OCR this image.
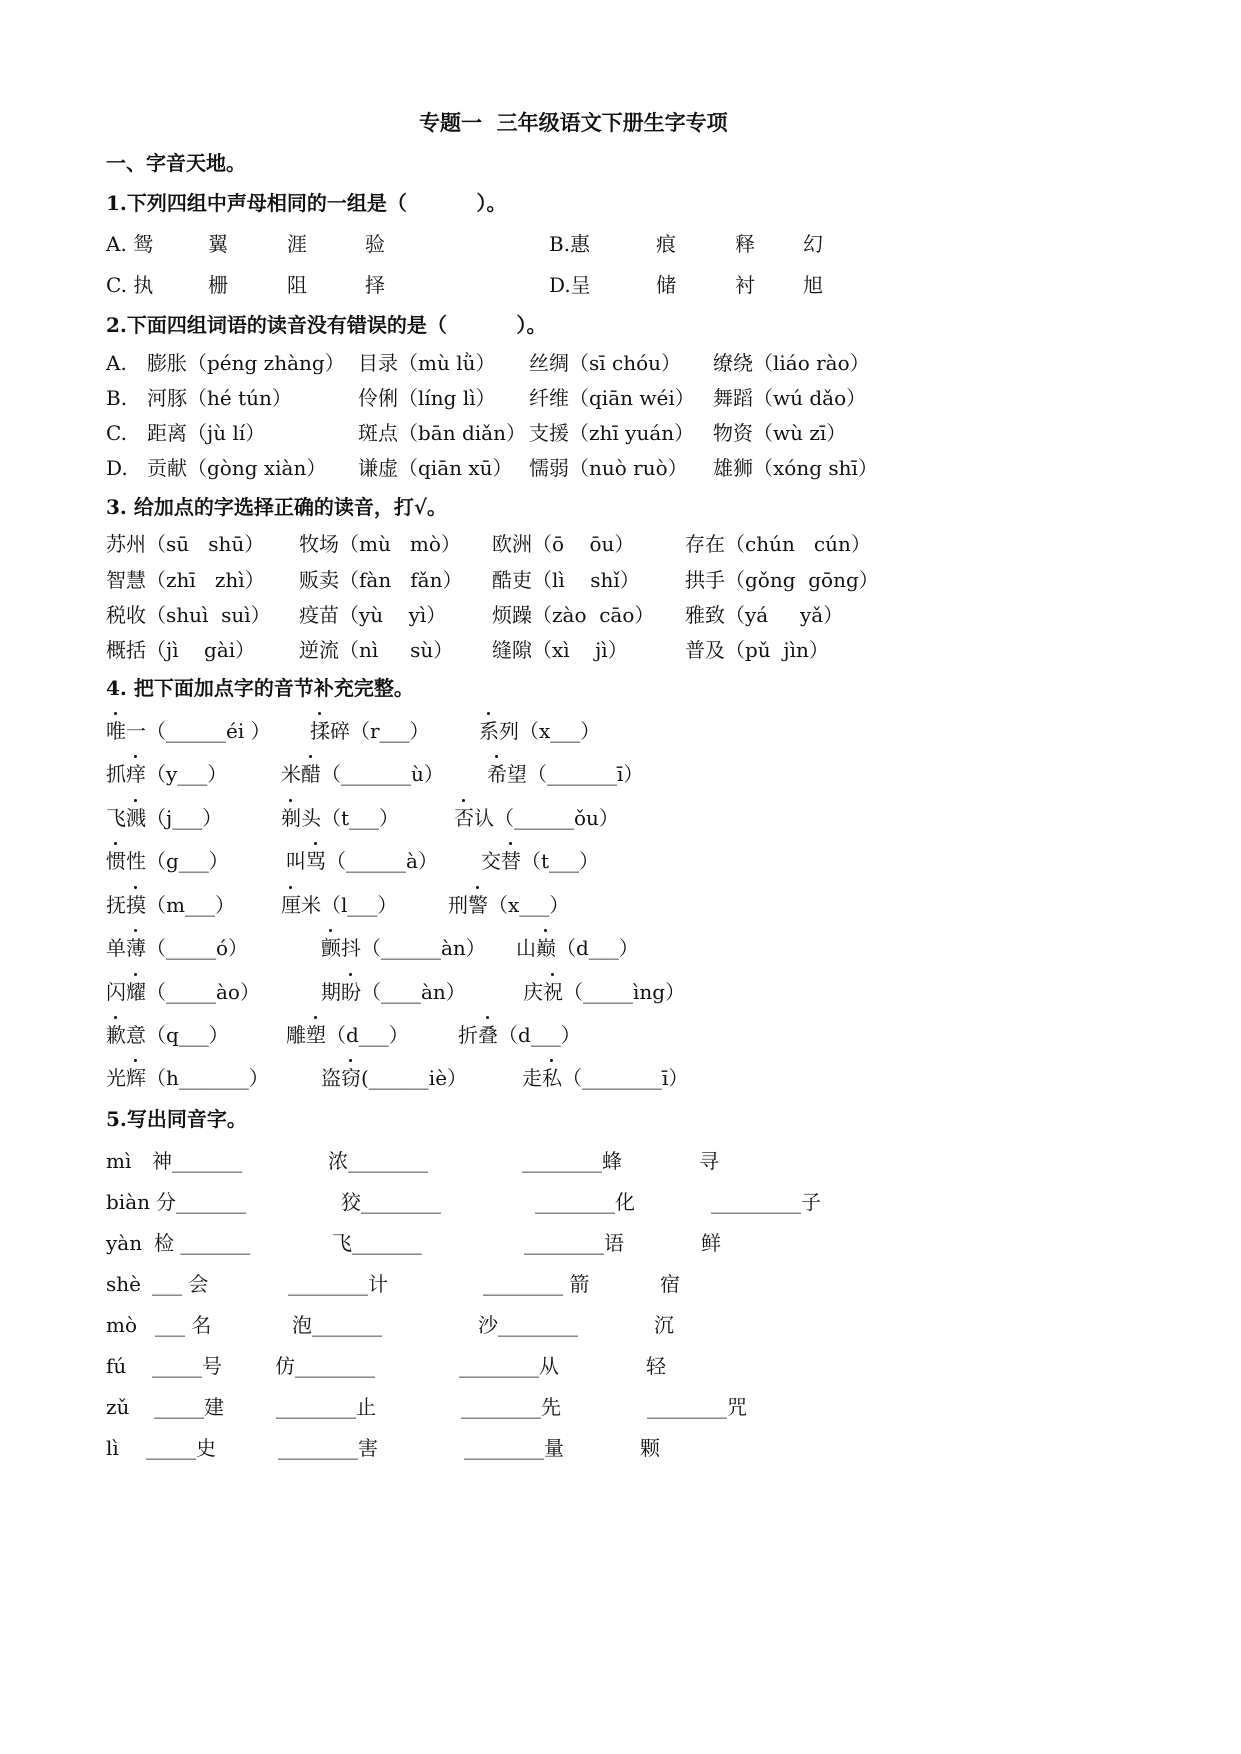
专题一  三年级语文下册生字专项
一、字音天地。
1.下列四组中声母相同的一组是（          ）。
A. 鸳	翼	涯	验	B.惠	痕	释 幻
C. 执	栅	阻	择	D.呈	储	衬 旭
2.下面四组词语的读音没有错误的是（          ）。
A. 膨胀（péng zhàng） 目录（mù lǜ） 丝绸（sī chóu） 缭绕（liáo rào）
B. 河豚（hé tún）	伶俐（líng lì） 纤维（qiān wéi） 舞蹈（wú dǎo）
C. 距离（jù lí）	斑点（bān diǎn） 支援（zhī yuán） 物资（wù zī）
D. 贡献（gòng xiàn） 谦虚（qiān xū） 懦弱（nuò ruò） 雄狮（xóng shī）
3. 给加点的字选择正确的读音，打√。
苏州（sū   shū） 牧场（mù   mò） 欧洲（ō    ōu）	存在（chún   cún）
智慧（zhī   zhì） 贩卖（fàn   fǎn） 酷吏（lì    shǐ） 拱手（gǒng  gōng）
税收（shuì  suì） 疫苗（yù    yì） 烦躁（zào  cāo） 雅致（yá     yǎ）
概括（jì    gài） 逆流（nì     sù） 缝隙（xì    jì）	普及（pǔ  jìn）
4. 把下面加点字的音节补充完整。
唯一（______éi ） 揉碎（r___） 系列（x___）
抓痒（y___）	米醋（_______ù） 希望（_______ī）
飞溅（j___）	剃头（t___）	否认（______ǒu）
惯性（g___）	叫骂（______à） 交替（t___）
抚摸（m___） 厘米（l___）	刑警（x___）
单薄（_____ó）	颤抖（______àn） 山巅（d___）
闪耀（_____ào）	期盼（____àn）	庆祝（_____ìng）
歉意（q___）	雕塑（d___） 折叠（d___）
光辉（h_______）	盗窃(______iè）	走私（________ī）
5.写出同音字。
mì 神_______	浓________	________蜂	寻
biàn 分_______	狡________	________化	_________子
yàn 检 _______	飞_______	________语	鲜
shè ___ 会	________计	________ 箭	宿
mò ___ 名	泡_______	沙________	沉
fú _____号	仿________	________从	轻
zǔ _____建	________止	________先	________咒
lì _____史	________害	________量	颗
